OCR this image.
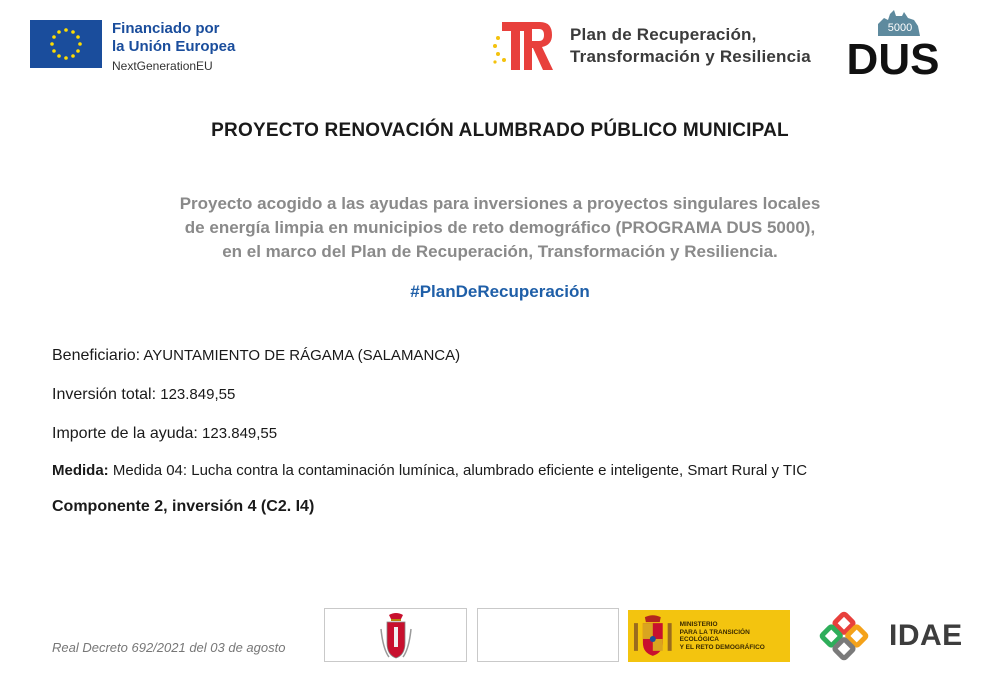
Financiado por
la Unión Europea
NextGenerationEU
Plan de Recuperación,
Transformación y Resiliencia
5000
DUS
PROYECTO RENOVACIÓN ALUMBRADO PÚBLICO MUNICIPAL
Proyecto acogido a las ayudas para inversiones a proyectos singulares locales
de energía limpia en municipios de reto demográfico (PROGRAMA DUS 5000),
en el marco del Plan de Recuperación, Transformación y Resiliencia.
#PlanDeRecuperación
Beneficiario: AYUNTAMIENTO DE RÁGAMA (SALAMANCA)
Inversión total: 123.849,55
Importe de la ayuda: 123.849,55
Medida: Medida 04: Lucha contra la contaminación lumínica, alumbrado eficiente e inteligente, Smart Rural y TIC
Componente 2, inversión 4 (C2. I4)
Real Decreto 692/2021 del 03 de agosto
MINISTERIO
PARA LA TRANSICIÓN ECOLÓGICA
Y EL RETO DEMOGRÁFICO	IDAE
